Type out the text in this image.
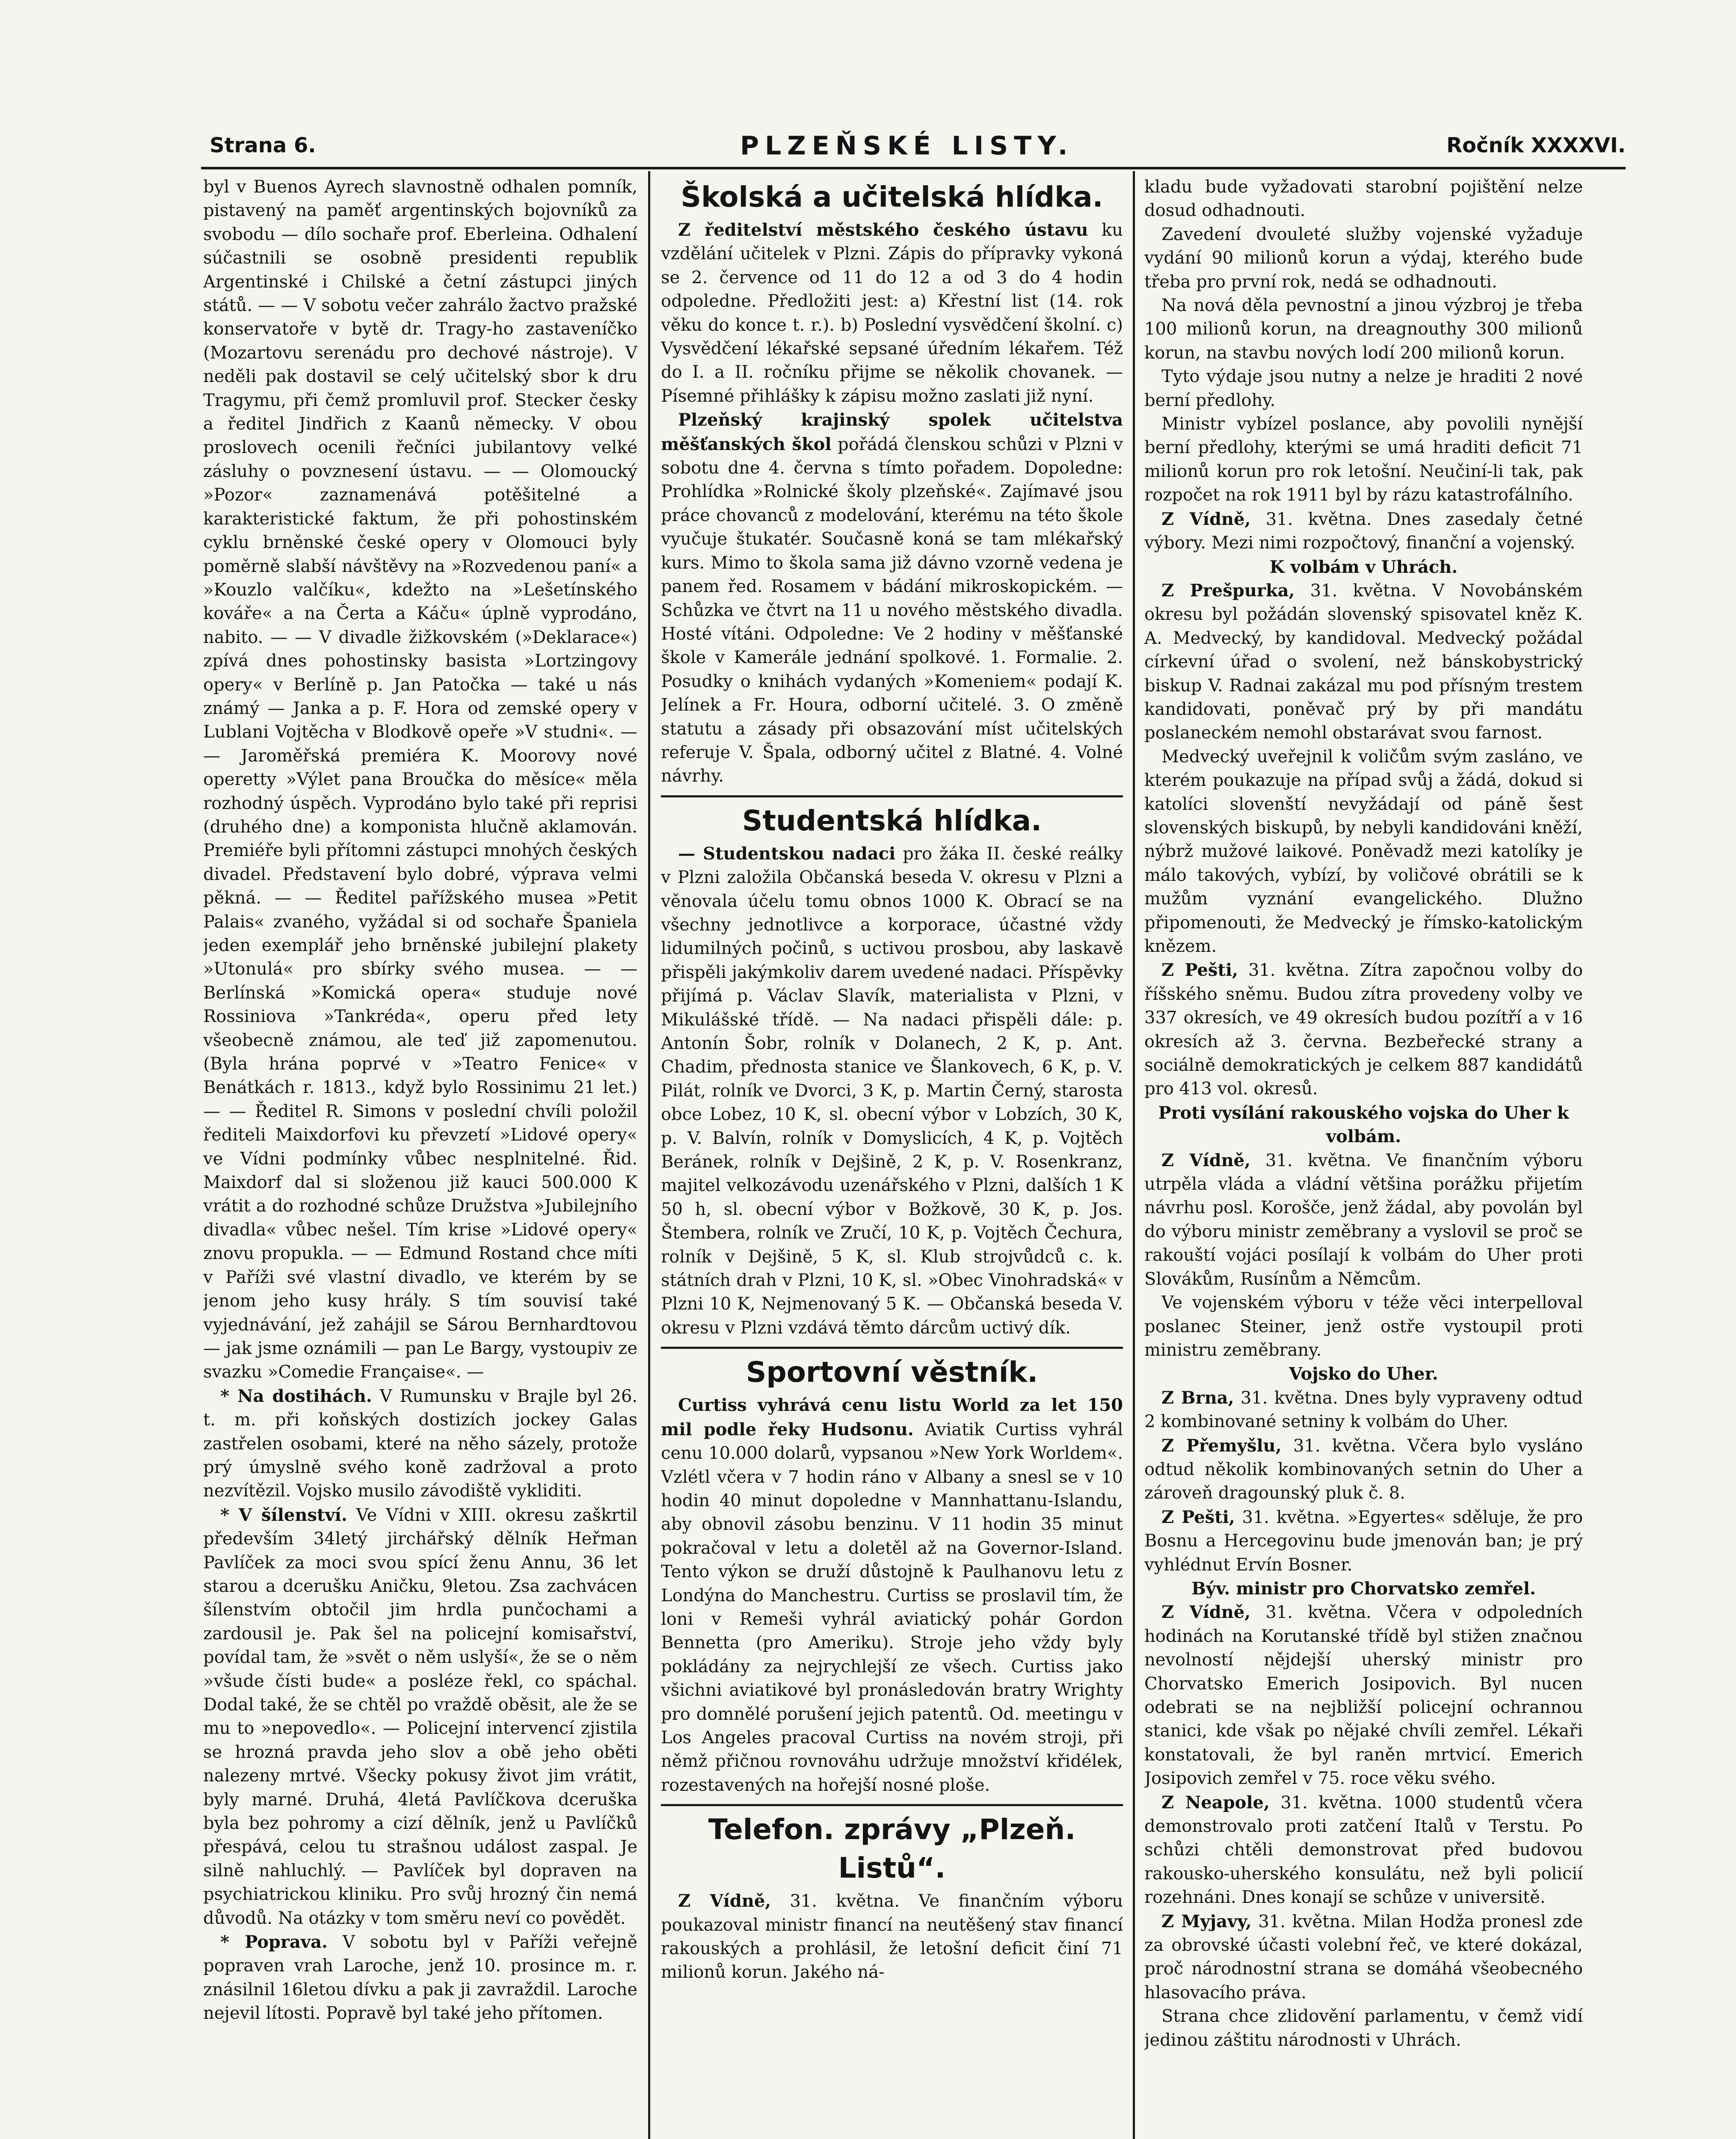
Strana 6.	PLZEŇSKÉ LISTY.	Ročník XXXXVI.

byl v Buenos Ayrech slavnostně odhalen pomník, pistavený na paměť argentinských bojovníků za svobodu — dílo sochaře prof. Eberleina. Odhalení súčastnili se osobně presidenti republik Argentinské i Chilské a četní zástupci jiných států. — — V sobotu večer zahrálo žactvo pražské konservatoře v bytě dr. Tragy-ho zastaveníčko (Mozartovu serenádu pro dechové nástroje). V neděli pak dostavil se celý učitelský sbor k dru Tragymu, při čemž promluvil prof. Stecker česky a ředitel Jindřich z Kaanů německy. V obou proslovech ocenili řečníci jubilantovy velké zásluhy o povznesení ústavu. — — Olomoucký »Pozor« zaznamenává potěšitelné a karakteristické faktum, že při pohostinském cyklu brněnské české opery v Olomouci byly poměrně slabší návštěvy na »Rozvedenou paní« a »Kouzlo valčíku«, kdežto na »Lešetínského kováře« a na Čerta a Káču« úplně vyprodáno, nabito. — — V divadle žižkovském (»Deklarace«) zpívá dnes pohostinsky basista »Lortzingovy opery« v Berlíně p. Jan Patočka — také u nás známý — Janka a p. F. Hora od zemské opery v Lublani Vojtěcha v Blodkově opeře »V studni«. — — Jaroměřská premiéra K. Moorovy nové operetty »Výlet pana Broučka do měsíce« měla rozhodný úspěch. Vyprodáno bylo také při reprisi (druhého dne) a komponista hlučně aklamován. Premiéře byli přítomni zástupci mnohých českých divadel. Představení bylo dobré, výprava velmi pěkná. — — Ředitel pařížského musea »Petit Palais« zvaného, vyžádal si od sochaře Španiela jeden exemplář jeho brněnské jubilejní plakety »Utonulá« pro sbírky svého musea. — — Berlínská »Komická opera« studuje nové Rossiniova »Tankréda«, operu před lety všeobecně známou, ale teď již zapomenutou. (Byla hrána poprvé v »Teatro Fenice« v Benátkách r. 1813., když bylo Rossinimu 21 let.) — — Ředitel R. Simons v poslední chvíli položil řediteli Maixdorfovi ku převzetí »Lidové opery« ve Vídni podmínky vůbec nesplnitelné. Řid. Maixdorf dal si složenou již kauci 500.000 K vrátit a do rozhodné schůze Družstva »Jubilejního divadla« vůbec nešel. Tím krise »Lidové opery« znovu propukla. — — Edmund Rostand chce míti v Paříži své vlastní divadlo, ve kterém by se jenom jeho kusy hrály. S tím souvisí také vyjednávání, jež zahájil se Sárou Bernhardtovou — jak jsme oznámili — pan Le Bargy, vystoupiv ze svazku »Comedie Française«. —

* Na dostihách. V Rumunsku v Brajle byl 26. t. m. při koňských dostizích jockey Galas zastřelen osobami, které na něho sázely, protože prý úmyslně svého koně zadržoval a proto nezvítězil. Vojsko musilo závodiště vykliditi.

* V šílenství. Ve Vídni v XIII. okresu zaškrtil především 34letý jirchářský dělník Heřman Pavlíček za moci svou spící ženu Annu, 36 let starou a dcerušku Aničku, 9letou. Zsa zachvácen šílenstvím obtočil jim hrdla punčochami a zardousil je. Pak šel na policejní komisařství, povídal tam, že »svět o něm uslyší«, že se o něm »všude čísti bude« a posléze řekl, co spáchal. Dodal také, že se chtěl po vraždě oběsit, ale že se mu to »nepovedlo«. — Policejní intervencí zjistila se hrozná pravda jeho slov a obě jeho oběti nalezeny mrtvé. Všecky pokusy život jim vrátit, byly marné. Druhá, 4letá Pavlíčkova dceruška byla bez pohromy a cizí dělník, jenž u Pavlíčků přespává, celou tu strašnou událost zaspal. Je silně nahluchlý. — Pavlíček byl dopraven na psychiatrickou kliniku. Pro svůj hrozný čin nemá důvodů. Na otázky v tom směru neví co povědět.

* Poprava. V sobotu byl v Paříži veřejně popraven vrah Laroche, jenž 10. prosince m. r. znásilnil 16letou dívku a pak ji zavraždil. Laroche nejevil lítosti. Popravě byl také jeho přítomen.

Školská a učitelská hlídka.

Z ředitelství městského českého ústavu ku vzdělání učitelek v Plzni. Zápis do přípravky vykoná se 2. července od 11 do 12 a od 3 do 4 hodin odpoledne. Předložiti jest: a) Křestní list (14. rok věku do konce t. r.). b) Poslední vysvědčení školní. c) Vysvědčení lékařské sepsané úředním lékařem. Též do I. a II. ročníku přijme se několik chovanek. — Písemné přihlášky k zápisu možno zaslati již nyní.

Plzeňský krajinský spolek učitelstva měšťanských škol pořádá členskou schůzi v Plzni v sobotu dne 4. června s tímto pořadem. Dopoledne: Prohlídka »Rolnické školy plzeňské«. Zajímavé jsou práce chovanců z modelování, kterému na této škole vyučuje štukatér. Současně koná se tam mlékařský kurs. Mimo to škola sama již dávno vzorně vedena je panem řed. Rosamem v bádání mikroskopickém. — Schůzka ve čtvrt na 11 u nového městského divadla. Hosté vítáni. Odpoledne: Ve 2 hodiny v měšťanské škole v Kamerále jednání spolkové. 1. Formalie. 2. Posudky o knihách vydaných »Komeniem« podají K. Jelínek a Fr. Houra, odborní učitelé. 3. O změně statutu a zásady při obsazování míst učitelských referuje V. Špala, odborný učitel z Blatné. 4. Volné návrhy.

Studentská hlídka.

— Studentskou nadaci pro žáka II. české reálky v Plzni založila Občanská beseda V. okresu v Plzni a věnovala účelu tomu obnos 1000 K. Obrací se na všechny jednotlivce a korporace, účastné vždy lidumilných počinů, s uctivou prosbou, aby laskavě přispěli jakýmkoliv darem uvedené nadaci. Příspěvky přijímá p. Václav Slavík, materialista v Plzni, v Mikulášské třídě. — Na nadaci přispěli dále: p. Antonín Šobr, rolník v Dolanech, 2 K, p. Ant. Chadim, přednosta stanice ve Šlankovech, 6 K, p. V. Pilát, rolník ve Dvorci, 3 K, p. Martin Černý, starosta obce Lobez, 10 K, sl. obecní výbor v Lobzích, 30 K, p. V. Balvín, rolník v Domyslicích, 4 K, p. Vojtěch Beránek, rolník v Dejšině, 2 K, p. V. Rosenkranz, majitel velkozávodu uzenářského v Plzni, dalších 1 K 50 h, sl. obecní výbor v Božkově, 30 K, p. Jos. Štembera, rolník ve Zručí, 10 K, p. Vojtěch Čechura, rolník v Dejšině, 5 K, sl. Klub strojvůdců c. k. státních drah v Plzni, 10 K, sl. »Obec Vinohradská« v Plzni 10 K, Nejmenovaný 5 K. — Občanská beseda V. okresu v Plzni vzdává těmto dárcům uctivý dík.

Sportovní věstník.

Curtiss vyhrává cenu listu World za let 150 mil podle řeky Hudsonu. Aviatik Curtiss vyhrál cenu 10.000 dolarů, vypsanou »New York Worldem«. Vzlétl včera v 7 hodin ráno v Albany a snesl se v 10 hodin 40 minut dopoledne v Mannhattanu-Islandu, aby obnovil zásobu benzinu. V 11 hodin 35 minut pokračoval v letu a doletěl až na Governor-Island. Tento výkon se druží důstojně k Paulhanovu letu z Londýna do Manchestru. Curtiss se proslavil tím, že loni v Remeši vyhrál aviatický pohár Gordon Bennetta (pro Ameriku). Stroje jeho vždy byly pokládány za nejrychlejší ze všech. Curtiss jako všichni aviatikové byl pronásledován bratry Wrighty pro domnělé porušení jejich patentů. Od. meetingu v Los Angeles pracoval Curtiss na novém stroji, při němž přičnou rovnováhu udržuje množství křidélek, rozestavených na hořejší nosné ploše.

Telefon. zprávy „Plzeň. Listů“.

Z Vídně, 31. května. Ve finančním výboru poukazoval ministr financí na neutěšený stav financí rakouských a prohlásil, že letošní deficit činí 71 milionů korun. Jakého ná-

kladu bude vyžadovati starobní pojištění nelze dosud odhadnouti.

Zavedení dvouleté služby vojenské vyžaduje vydání 90 milionů korun a výdaj, kterého bude třeba pro první rok, nedá se odhadnouti.

Na nová děla pevnostní a jinou výzbroj je třeba 100 milionů korun, na dreagnouthy 300 milionů korun, na stavbu nových lodí 200 milionů korun.

Tyto výdaje jsou nutny a nelze je hraditi 2 nové berní předlohy.

Ministr vybízel poslance, aby povolili nynější berní předlohy, kterými se umá hraditi deficit 71 milionů korun pro rok letošní. Neučiní-li tak, pak rozpočet na rok 1911 byl by rázu katastrofálního.

Z Vídně, 31. května. Dnes zasedaly četné výbory. Mezi nimi rozpočtový, finanční a vojenský.

K volbám v Uhrách.

Z Prešpurka, 31. května. V Novobánském okresu byl požádán slovenský spisovatel kněz K. A. Medvecký, by kandidoval. Medvecký požádal církevní úřad o svolení, než bánskobystrický biskup V. Radnai zakázal mu pod přísným trestem kandidovati, poněvač prý by při mandátu poslaneckém nemohl obstarávat svou farnost.

Medvecký uveřejnil k voličům svým zasláno, ve kterém poukazuje na případ svůj a žádá, dokud si katolíci slovenští nevyžádají od páně šest slovenských biskupů, by nebyli kandidováni kněží, nýbrž mužové laikové. Poněvadž mezi katolíky je málo takových, vybízí, by voličové obrátili se k mužům vyznání evangelického. Dlužno připomenouti, že Medvecký je římsko-katolickým knězem.

Z Pešti, 31. května. Zítra započnou volby do říšského sněmu. Budou zítra provedeny volby ve 337 okresích, ve 49 okresích budou pozítří a v 16 okresích až 3. června. Bezbeřecké strany a sociálně demokratických je celkem 887 kandidátů pro 413 vol. okresů.

Proti vysílání rakouského vojska do Uher k volbám.

Z Vídně, 31. května. Ve finančním výboru utrpěla vláda a vládní většina porážku přijetím návrhu posl. Korošče, jenž žádal, aby povolán byl do výboru ministr zeměbrany a vyslovil se proč se rakouští vojáci posílají k volbám do Uher proti Slovákům, Rusínům a Němcům.

Ve vojenském výboru v téže věci interpelloval poslanec Steiner, jenž ostře vystoupil proti ministru zeměbrany.

Vojsko do Uher.

Z Brna, 31. května. Dnes byly vypraveny odtud 2 kombinované setniny k volbám do Uher.

Z Přemyšlu, 31. května. Včera bylo vysláno odtud několik kombinovaných setnin do Uher a zároveň dragounský pluk č. 8.

Z Pešti, 31. května. »Egyertes« sděluje, že pro Bosnu a Hercegovinu bude jmenován ban; je prý vyhlédnut Ervín Bosner.

Býv. ministr pro Chorvatsko zemřel.

Z Vídně, 31. května. Včera v odpoledních hodinách na Korutanské třídě byl stižen značnou nevolností nějdejší uherský ministr pro Chorvatsko Emerich Josipovich. Byl nucen odebrati se na nejbližší policejní ochrannou stanici, kde však po nějaké chvíli zemřel. Lékaři konstatovali, že byl raněn mrtvicí. Emerich Josipovich zemřel v 75. roce věku svého.

Z Neapole, 31. května. 1000 studentů včera demonstrovalo proti zatčení Italů v Terstu. Po schůzi chtěli demonstrovat před budovou rakousko-uherského konsulátu, než byli policií rozehnáni. Dnes konají se schůze v universitě.

Z Myjavy, 31. května. Milan Hodža pronesl zde za obrovské účasti volební řeč, ve které dokázal, proč národnostní strana se domáhá všeobecného hlasovacího práva.

Strana chce zlidovění parlamentu, v čemž vidí jedinou záštitu národnosti v Uhrách.
